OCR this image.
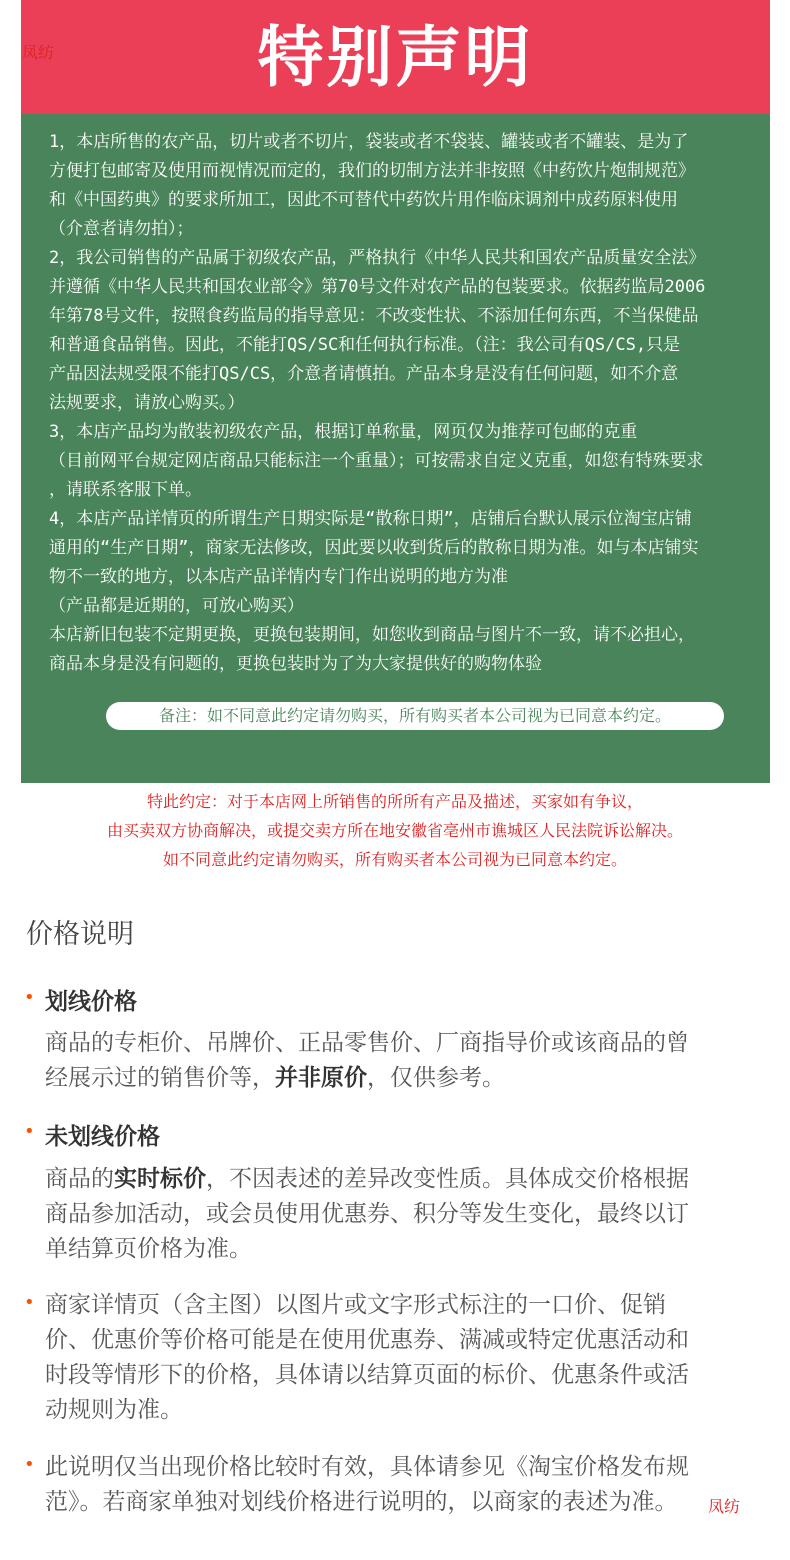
特别声明
凤纺
1，本店所售的农产品，切片或者不切片，袋装或者不袋装、罐装或者不罐装、是为了
方便打包邮寄及使用而视情况而定的，我们的切制方法并非按照《中药饮片炮制规范》
和《中国药典》的要求所加工，因此不可替代中药饮片用作临床调剂中成药原料使用
（介意者请勿拍）；
2，我公司销售的产品属于初级农产品，严格执行《中华人民共和国农产品质量安全法》
并遵循《中华人民共和国农业部令》第70号文件对农产品的包装要求。依据药监局2006
年第78号文件，按照食药监局的指导意见：不改变性状、不添加任何东西，不当保健品
和普通食品销售。因此，不能打QS/SC和任何执行标准。（注：我公司有QS/CS,只是
产品因法规受限不能打QS/CS，介意者请慎拍。产品本身是没有任何问题，如不介意
法规要求，请放心购买。）
3，本店产品均为散装初级农产品，根据订单称量，网页仅为推荐可包邮的克重
（目前网平台规定网店商品只能标注一个重量）；可按需求自定义克重，如您有特殊要求
，请联系客服下单。
4，本店产品详情页的所谓生产日期实际是“散称日期”，店铺后台默认展示位淘宝店铺
通用的“生产日期”，商家无法修改，因此要以收到货后的散称日期为准。如与本店铺实
物不一致的地方，以本店产品详情内专门作出说明的地方为准
（产品都是近期的，可放心购买）
本店新旧包装不定期更换，更换包装期间，如您收到商品与图片不一致，请不必担心，
商品本身是没有问题的，更换包装时为了为大家提供好的购物体验
备注：如不同意此约定请勿购买，所有购买者本公司视为已同意本约定。
特此约定：对于本店网上所销售的所所有产品及描述，买家如有争议，
由买卖双方协商解决，或提交卖方所在地安徽省亳州市谯城区人民法院诉讼解决。
如不同意此约定请勿购买，所有购买者本公司视为已同意本约定。
价格说明
• 划线价格
商品的专柜价、吊牌价、正品零售价、厂商指导价或该商品的曾
经展示过的销售价等，并非原价，仅供参考。
• 未划线价格
商品的实时标价，不因表述的差异改变性质。具体成交价格根据
商品参加活动，或会员使用优惠券、积分等发生变化，最终以订
单结算页价格为准。
• 商家详情页（含主图）以图片或文字形式标注的一口价、促销
价、优惠价等价格可能是在使用优惠券、满减或特定优惠活动和
时段等情形下的价格，具体请以结算页面的标价、优惠条件或活
动规则为准。
• 此说明仅当出现价格比较时有效，具体请参见《淘宝价格发布规
范》。若商家单独对划线价格进行说明的，以商家的表述为准。	凤纺
